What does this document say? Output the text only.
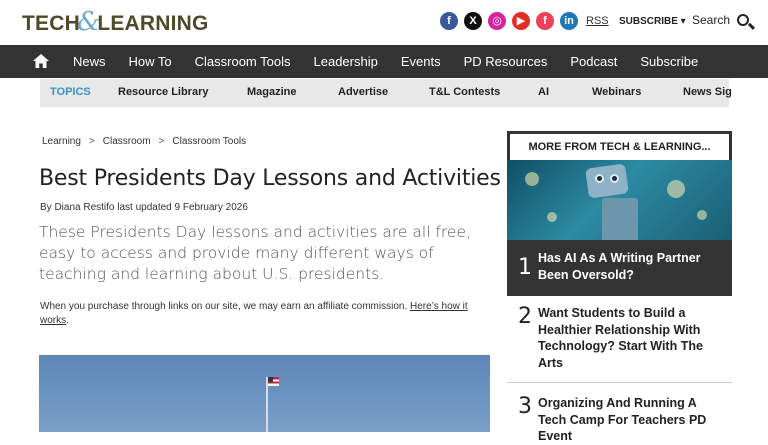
TECH&LEARNING	f	X	◎	▶	f	in	RSS SUBSCRIBE ▾ Search
News How To Classroom Tools Leadership Events PD Resources Podcast Subscribe
TOPICS Resource Library	Magazine	Advertise	T&L Contests	AI	Webinars	News Sig
Learning > Classroom > Classroom Tools
Best Presidents Day Lessons and Activities
By Diana Restifo last updated 9 February 2026

These Presidents Day lessons and activities are all free, easy to access and provide many different ways of teaching and learning about U.S. presidents.

When you purchase through links on our site, we may earn an affiliate commission. Here’s how it works.

MORE FROM TECH & LEARNING...
1 Has AI As A Writing Partner Been Oversold?
2 Want Students to Build a Healthier Relationship With Technology? Start With The Arts
3 Organizing And Running A Tech Camp For Teachers PD Event
